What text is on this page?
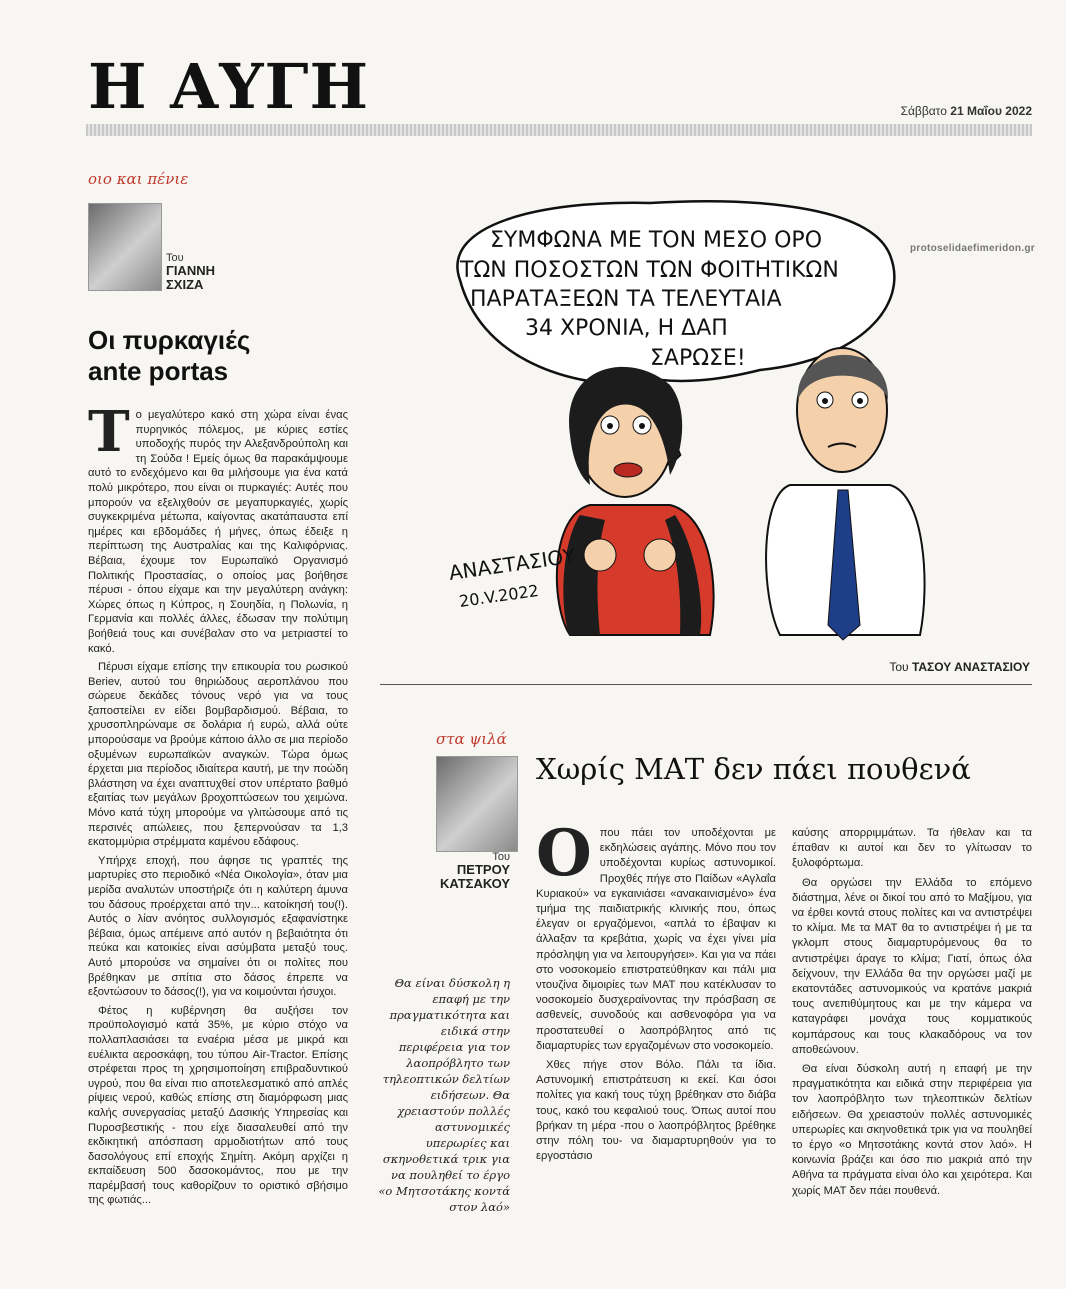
Η ΑΥΓΗ	Σάββατο 21 Μαΐου 2022
οιο και πένιε
Του
ΓΙΑΝΝΗ
ΣΧΙΖΑ
Οι πυρκαγιές
ante portas

Το μεγαλύτερο κακό στη χώρα είναι ένας πυρηνικός πόλεμος, με κύριες εστίες υποδοχής πυρός την Αλεξανδρούπολη και τη Σούδα ! Εμείς όμως θα παρακάμψουμε αυτό το ενδεχόμενο και θα μιλήσουμε για ένα κατά πολύ μικρότερο, που είναι οι πυρκαγιές: Αυτές που μπορούν να εξελιχθούν σε μεγαπυρκαγιές, χωρίς συγκεκριμένα μέτωπα, καίγοντας ακατάπαυστα επί ημέρες και εβδομάδες ή μήνες, όπως έδειξε η περίπτωση της Αυστραλίας και της Καλιφόρνιας. Βέβαια, έχουμε τον Ευρωπαϊκό Οργανισμό Πολιτικής Προστασίας, ο οποίος μας βοήθησε πέρυσι - όπου είχαμε και την μεγαλύτερη ανάγκη: Χώρες όπως η Κύπρος, η Σουηδία, η Πολωνία, η Γερμανία και πολλές άλλες, έδωσαν την πολύτιμη βοήθειά τους και συνέβαλαν στο να μετριαστεί το κακό.

Πέρυσι είχαμε επίσης την επικουρία του ρωσικού Beriev, αυτού του θηριώδους αεροπλάνου που σώρευε δεκάδες τόνους νερό για να τους ξαποστείλει εν είδει βομβαρδισμού. Βέβαια, το χρυσοπληρώναμε σε δολάρια ή ευρώ, αλλά ούτε μπορούσαμε να βρούμε κάποιο άλλο σε μια περίοδο οξυμένων ευρωπαϊκών αναγκών. Τώρα όμως έρχεται μια περίοδος ιδιαίτερα καυτή, με την ποώδη βλάστηση να έχει αναπτυχθεί στον υπέρτατο βαθμό εξαιτίας των μεγάλων βροχοπτώσεων του χειμώνα. Μόνο κατά τύχη μπορούμε να γλιτώσουμε από τις περσινές απώλειες, που ξεπερνούσαν τα 1,3 εκατομμύρια στρέμματα καμένου εδάφους.

Υπήρχε εποχή, που άφησε τις γραπτές της μαρτυρίες στο περιοδικό «Νέα Οικολογία», όταν μια μερίδα αναλυτών υποστήριζε ότι η καλύτερη άμυνα του δάσους προέρχεται από την... κατοίκησή του(!). Αυτός ο λίαν ανόητος συλλογισμός εξαφανίστηκε βέβαια, όμως απέμεινε από αυτόν η βεβαιότητα ότι πεύκα και κατοικίες είναι ασύμβατα μεταξύ τους. Αυτό μπορούσε να σημαίνει ότι οι πολίτες που βρέθηκαν με σπίτια στο δάσος έπρεπε να εξοντώσουν το δάσος(!), για να κοιμούνται ήσυχοι.

Φέτος η κυβέρνηση θα αυξήσει τον προϋπολογισμό κατά 35%, με κύριο στόχο να πολλαπλασιάσει τα εναέρια μέσα με μικρά και ευέλικτα αεροσκάφη, του τύπου Air-Tractor. Επίσης στρέφεται προς τη χρησιμοποίηση επιβραδυντικού υγρού, που θα είναι πιο αποτελεσματικό από απλές ρίψεις νερού, καθώς επίσης στη διαμόρφωση μιας καλής συνεργασίας μεταξύ Δασικής Υπηρεσίας και Πυροσβεστικής - που είχε διασαλευθεί από την εκδικητική απόσπαση αρμοδιοτήτων από τους δασολόγους επί εποχής Σημίτη. Ακόμη αρχίζει η εκπαίδευση 500 δασοκομάντος, που με την παρέμβασή τους καθορίζουν το οριστικό σβήσιμο της φωτιάς...

ΣΥΜΦΩΝΑ ΜΕ ΤΟΝ ΜΕΣΟ ΟΡΟ
ΤΩΝ ΠΟΣΟΣΤΩΝ ΤΩΝ ΦΟΙΤΗΤΙΚΩΝ
ΠΑΡΑΤΑΞΕΩΝ ΤΑ ΤΕΛΕΥΤΑΙΑ
34 ΧΡΟΝΙΑ, Η ΔΑΠ
ΣΑΡΩΣΕ!
ΑΝΑΣΤΑΣΙΟΥ
20.V.2022
protoselidaefimeridon.gr
Του ΤΑΣΟΥ ΑΝΑΣΤΑΣΙΟΥ
στα ψιλά
Του
ΠΕΤΡΟΥ
ΚΑΤΣΑΚΟΥ
Χωρίς ΜΑΤ δεν πάει πουθενά
Θα είναι δύσκολη η επαφή με την πραγματικότητα και ειδικά στην περιφέρεια για τον λαοπρόβλητο των τηλεοπτικών δελτίων ειδήσεων. Θα χρειαστούν πολλές αστυνομικές υπερωρίες και σκηνοθετικά τρικ για να πουληθεί το έργο «ο Μητσοτάκης κοντά στον λαό»

Οπου πάει τον υποδέχονται με εκδηλώσεις αγάπης. Μόνο που τον υποδέχονται κυρίως αστυνομικοί. Προχθές πήγε στο Παίδων «Αγλαΐα Κυριακού» να εγκαινιάσει «ανακαινισμένο» ένα τμήμα της παιδιατρικής κλινικής που, όπως έλεγαν οι εργαζόμενοι, «απλά το έβαψαν κι άλλαξαν τα κρεβάτια, χωρίς να έχει γίνει μία πρόσληψη για να λειτουργήσει». Και για να πάει στο νοσοκομείο επιστρατεύθηκαν και πάλι μια ντουζίνα διμοιρίες των ΜΑΤ που κατέκλυσαν το νοσοκομείο δυσχεραίνοντας την πρόσβαση σε ασθενείς, συνοδούς και ασθενοφόρα για να προστατευθεί ο λαοπρόβλητος από τις διαμαρτυρίες των εργαζομένων στο νοσοκομείο.

Χθες πήγε στον Βόλο. Πάλι τα ίδια. Αστυνομική επιστράτευση κι εκεί. Και όσοι πολίτες για κακή τους τύχη βρέθηκαν στο διάβα τους, κακό του κεφαλιού τους. Όπως αυτοί που βρήκαν τη μέρα -που ο λαοπρόβλητος βρέθηκε στην πόλη του- να διαμαρτυρηθούν για το εργοστάσιο

καύσης απορριμμάτων. Τα ήθελαν και τα έπαθαν κι αυτοί και δεν το γλίτωσαν το ξυλοφόρτωμα.

Θα οργώσει την Ελλάδα το επόμενο διάστημα, λένε οι δικοί του από το Μαξίμου, για να έρθει κοντά στους πολίτες και να αντιστρέψει το κλίμα. Με τα ΜΑΤ θα το αντιστρέψει ή με τα γκλομπ στους διαμαρτυρόμενους θα το αντιστρέψει άραγε το κλίμα; Γιατί, όπως όλα δείχνουν, την Ελλάδα θα την οργώσει μαζί με εκατοντάδες αστυνομικούς να κρατάνε μακριά τους ανεπιθύμητους και με την κάμερα να καταγράφει μονάχα τους κομματικούς κομπάρσους και τους κλακαδόρους να τον αποθεώνουν.

Θα είναι δύσκολη αυτή η επαφή με την πραγματικότητα και ειδικά στην περιφέρεια για τον λαοπρόβλητο των τηλεοπτικών δελτίων ειδήσεων. Θα χρειαστούν πολλές αστυνομικές υπερωρίες και σκηνοθετικά τρικ για να πουληθεί το έργο «ο Μητσοτάκης κοντά στον λαό». Η κοινωνία βράζει και όσο πιο μακριά από την Αθήνα τα πράγματα είναι όλο και χειρότερα. Και χωρίς ΜΑΤ δεν πάει πουθενά.
